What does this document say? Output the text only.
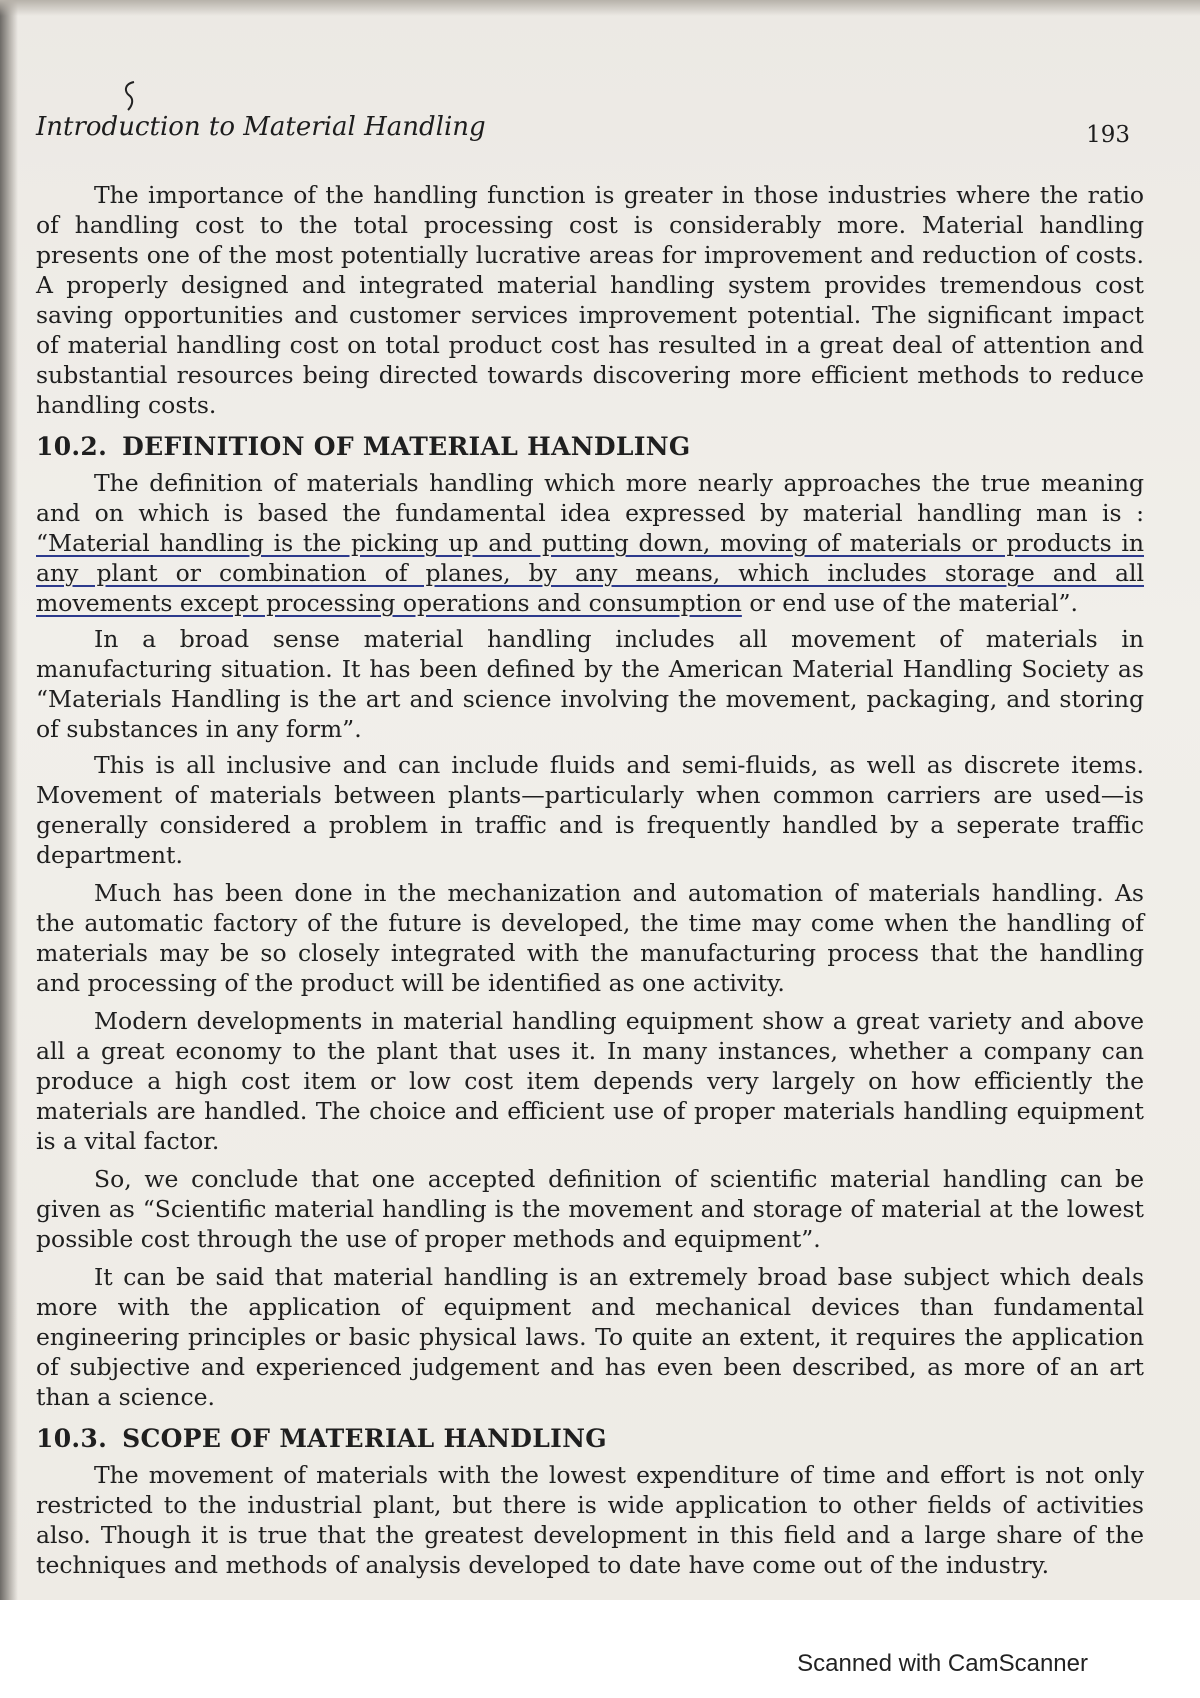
Introduction to Material Handling	193

The importance of the handling function is greater in those industries where the ratio of handling cost to the total processing cost is considerably more. Material handling presents one of the most potentially lucrative areas for improvement and reduction of costs. A properly designed and integrated material handling system provides tremendous cost saving opportunities and customer services improvement potential. The significant impact of material handling cost on total product cost has resulted in a great deal of attention and substantial resources being directed towards discovering more efficient methods to reduce handling costs.

10.2. DEFINITION OF MATERIAL HANDLING

The definition of materials handling which more nearly approaches the true meaning and on which is based the fundamental idea expressed by material handling man is : “Material handling is the picking up and putting down, moving of materials or products in any plant or combination of planes, by any means, which includes storage and all movements except processing operations and consumption or end use of the material”.

In a broad sense material handling includes all movement of materials in manufacturing situation. It has been defined by the American Material Handling Society as “Materials Handling is the art and science involving the movement, packaging, and storing of substances in any form”.

This is all inclusive and can include fluids and semi-fluids, as well as discrete items. Movement of materials between plants—particularly when common carriers are used—is generally considered a problem in traffic and is frequently handled by a seperate traffic department.

Much has been done in the mechanization and automation of materials handling. As the automatic factory of the future is developed, the time may come when the handling of materials may be so closely integrated with the manufacturing process that the handling and processing of the product will be identified as one activity.

Modern developments in material handling equipment show a great variety and above all a great economy to the plant that uses it. In many instances, whether a company can produce a high cost item or low cost item depends very largely on how efficiently the materials are handled. The choice and efficient use of proper materials handling equipment is a vital factor.

So, we conclude that one accepted definition of scientific material handling can be given as “Scientific material handling is the movement and storage of material at the lowest possible cost through the use of proper methods and equipment”.

It can be said that material handling is an extremely broad base subject which deals more with the application of equipment and mechanical devices than fundamental engineering principles or basic physical laws. To quite an extent, it requires the application of subjective and experienced judgement and has even been described, as more of an art than a science.

10.3. SCOPE OF MATERIAL HANDLING

The movement of materials with the lowest expenditure of time and effort is not only restricted to the industrial plant, but there is wide application to other fields of activities also. Though it is true that the greatest development in this field and a large share of the techniques and methods of analysis developed to date have come out of the industry.

Scanned with CamScanner
